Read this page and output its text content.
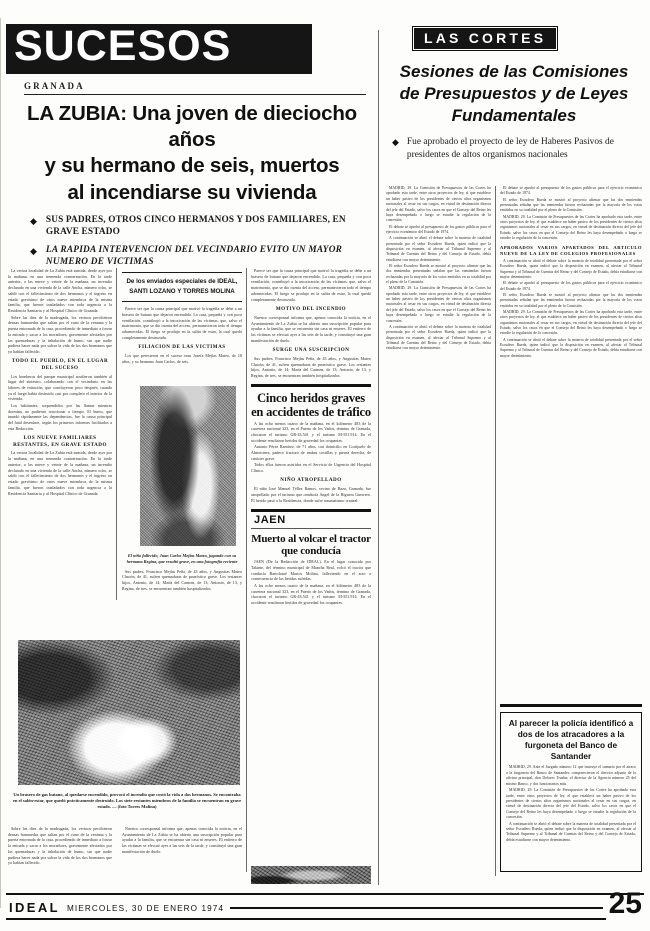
SUCESOS
GRANADA
LA ZUBIA: Una joven de dieciocho años
y su hermano de seis, muertos
al incendiarse su vivienda
◆ SUS PADRES, OTROS CINCO HERMANOS Y DOS FAMILIARES, EN GRAVE ESTADO
◆ LA RAPIDA INTERVENCION DEL VECINDARIO EVITO UN MAYOR NUMERO DE VICTIMAS
LAS CORTES
Sesiones de las Comisiones
de Presupuestos y de Leyes
Fundamentales
◆ Fue aprobado el proyecto de ley de Haberes Pasivos de presidentes de altos organismos nacionales

La vecina localidad de La Zubia está sumida, desde ayer por la mañana, en una tremenda consternación. En la tarde anterior, a las nueve y veinte de la mañana, un incendio declarado en una vivienda de la calle Ancha, número ocho, se saldó con el fallecimiento de dos hermanos y el ingreso en estado gravísimo de otros nueve miembros de la misma familia, que fueron trasladados con toda urgencia a la Residencia Sanitaria y al Hospital Clínico de Granada.

Sobre las diez de la madrugada, los vecinos percibieron densas humaredas que salían por el vano de la ventana y la puerta entornada de la casa, procediendo de inmediato a forzar la entrada y sacar a los moradores, gravemente afectados por las quemaduras y la inhalación de humo, sin que nadie pudiera hacer nada por salvar la vida de los dos hermanos que ya habían fallecido.

TODO EL PUEBLO, EN EL LUGAR DEL SUCESO

Los bomberos del parque municipal acudieron también al lugar del siniestro, colaborando con el vecindario en las labores de extinción, que concluyeron poco después, cuando ya el fuego había destruido casi por completo el interior de la vivienda.

Los habitantes, sorprendidos por las llamas mientras dormían, no pudieron reaccionar a tiempo. El humo, que inundó rápidamente las dependencias, fue la causa principal del fatal desenlace, según los primeros informes facilitados a esta Redacción.

LOS NUEVE FAMILIARES RESTANTES, EN GRAVE ESTADO

La vecina localidad de La Zubia está sumida, desde ayer por la mañana, en una tremenda consternación. En la tarde anterior, a las nueve y veinte de la mañana, un incendio declarado en una vivienda de la calle Ancha, número ocho, se saldó con el fallecimiento de dos hermanos y el ingreso en estado gravísimo de otros nueve miembros de la misma familia, que fueron trasladados con toda urgencia a la Residencia Sanitaria y al Hospital Clínico de Granada.

De los enviados especiales de IDEAL, SANTI LOZANO Y TORRES MOLINA

Parece ser que la causa principal que motivó la tragedia se debe a un brasero de butano que dejaron encendido. La casa, pequeña y con poca ventilación, contribuyó a la intoxicación de las víctimas, que, salvo el matrimonio, que se dio cuenta del acceso, permanecieron todo el tiempo adormecidas. El fuego se produjo en la salita de estar, la cual quedó completamente destrozada.

FILIACION DE LAS VICTIMAS

Los que perecieron en el suceso eran Josefa Mejías Mateo, de 18 años, y su hermano Juan Carlos, de seis.

El niño fallecido, Juan Carlos Mejías Mateo, jugando con su hermana Regina, que resultó grave, en una fotografía reciente

Sus padres, Francisco Mejías Peña, de 43 años, y Angustias Mateo Chacón, de 41, sufren quemaduras de pronóstico grave. Los restantes hijos, Antonio, de 14; María del Carmen, de 13; Antonio, de 13, y Regina, de tres, se encuentran también hospitalizados.

Un brasero de gas butano, al quedarse encendido, provocó el incendio que costó la vida a dos hermanos. Se encontraba en el salón-estar, que quedó prácticamente destruido. Los siete restantes miembros de la familia se encuentran en grave estado. — (foto Torres Molina)

Sobre las diez de la madrugada, los vecinos percibieron densas humaredas que salían por el vano de la ventana y la puerta entornada de la casa, procediendo de inmediato a forzar la entrada y sacar a los moradores, gravemente afectados por las quemaduras y la inhalación de humo, sin que nadie pudiera hacer nada por salvar la vida de los dos hermanos que ya habían fallecido.

Nuestro corresponsal informa que, apenas conocida la noticia, en el Ayuntamiento de La Zubia se ha abierto una suscripción popular para ayudar a la familia, que se encuentra sin casa ni enseres. El entierro de las víctimas se efectuó ayer a las seis de la tarde, y constituyó una gran manifestación de duelo.

Parece ser que la causa principal que motivó la tragedia se debe a un brasero de butano que dejaron encendido. La casa, pequeña y con poca ventilación, contribuyó a la intoxicación de las víctimas, que, salvo el matrimonio, que se dio cuenta del acceso, permanecieron todo el tiempo adormecidas. El fuego se produjo en la salita de estar, la cual quedó completamente destrozada.

MOTIVO DEL INCENDIO

Nuestro corresponsal informa que, apenas conocida la noticia, en el Ayuntamiento de La Zubia se ha abierto una suscripción popular para ayudar a la familia, que se encuentra sin casa ni enseres. El entierro de las víctimas se efectuó ayer a las seis de la tarde, y constituyó una gran manifestación de duelo.

SURGE UNA SUSCRIPCION

Sus padres, Francisco Mejías Peña, de 43 años, y Angustias Mateo Chacón, de 41, sufren quemaduras de pronóstico grave. Los restantes hijos, Antonio, de 14; María del Carmen, de 13; Antonio, de 13, y Regina, de tres, se encuentran también hospitalizados.

Cinco heridos graves en accidentes de tráfico

A las ocho menos cuarto de la mañana, en el kilómetro 483 de la carretera nacional 323, en el Puerto de los Vados, término de Granada, chocaron el turismo GR-43.541 y el turismo M-551.914. En el accidente resultaron heridos de gravedad los ocupantes.

Antonio Pérez Ramírez, de 71 años, con domicilio en Cortijuelo de Almotrines, padece fractura de ambas costillas y pierna derecha, de carácter grave.

Todos ellos fueron asistidos en el Servicio de Urgencia del Hospital Clínico.

NIÑO ATROPELLADO

El niño José Manuel Téllez Ramos, vecino de Baza, Granada, fue atropellado por el turismo que conducía Angel de la Higuera Guerrero. El herido pasó a la Residencia, donde sufre traumatismo craneal.

JAEN
Muerto al volcar el tractor que conducía

JAEN (De la Redacción de IDEAL). En el lugar conocido por Talante, del término municipal de Mancha Real, volcó el tractor que conducía Bartolomé Martos Molina, falleciendo en el acto a consecuencia de las heridas sufridas.

A las ocho menos cuarto de la mañana, en el kilómetro 483 de la carretera nacional 323, en el Puerto de los Vados, término de Granada, chocaron el turismo GR-43.541 y el turismo M-551.914. En el accidente resultaron heridos de gravedad los ocupantes.

MADRID, 29. La Comisión de Presupuestos de las Cortes ha aprobado esta tarde, entre otros proyectos de ley, el que establece un haber pasivo de los presidentes de ciertos altos organismos nacionales al cesar en sus cargos, en virtud de destinación directa del jefe del Estado, salvo los casos en que el Consejo del Reino les haya desempeñado o luego se estudie la regulación de la concesión.

El debate se aprobó al presupuesto de los gastos públicos para el ejercicio económico del Estado de 1974.

A continuación se abrió el debate sobre la materia de totalidad presentada por el señor Escudero Rueda, quien indicó que la disposición en examen, al afectar al Tribunal Supremo y al Tribunal de Cuentas del Reino y del Consejo de Estado, debía estudiarse con mayor detenimiento.

El señor Escudero Rueda se mostró al proyecto afirmar que las dos enmiendas presentadas señalan que las enmiendas fueron rechazadas por la mayoría de los votos emitidos en su totalidad por el pleno de la Comisión.

MADRID, 29. La Comisión de Presupuestos de las Cortes ha aprobado esta tarde, entre otros proyectos de ley, el que establece un haber pasivo de los presidentes de ciertos altos organismos nacionales al cesar en sus cargos, en virtud de destinación directa del jefe del Estado, salvo los casos en que el Consejo del Reino les haya desempeñado o luego se estudie la regulación de la concesión.

A continuación se abrió el debate sobre la materia de totalidad presentada por el señor Escudero Rueda, quien indicó que la disposición en examen, al afectar al Tribunal Supremo y al Tribunal de Cuentas del Reino y del Consejo de Estado, debía estudiarse con mayor detenimiento.

El debate se aprobó al presupuesto de los gastos públicos para el ejercicio económico del Estado de 1974.

El señor Escudero Rueda se mostró al proyecto afirmar que las dos enmiendas presentadas señalan que las enmiendas fueron rechazadas por la mayoría de los votos emitidos en su totalidad por el pleno de la Comisión.

MADRID, 29. La Comisión de Presupuestos de las Cortes ha aprobado esta tarde, entre otros proyectos de ley, el que establece un haber pasivo de los presidentes de ciertos altos organismos nacionales al cesar en sus cargos, en virtud de destinación directa del jefe del Estado, salvo los casos en que el Consejo del Reino les haya desempeñado o luego se estudie la regulación de la concesión.

APROBADOS VARIOS APARTADOS DEL ARTICULO NUEVE DE LA LEY DE COLEGIOS PROFESIONALES

A continuación se abrió el debate sobre la materia de totalidad presentada por el señor Escudero Rueda, quien indicó que la disposición en examen, al afectar al Tribunal Supremo y al Tribunal de Cuentas del Reino y del Consejo de Estado, debía estudiarse con mayor detenimiento.

El debate se aprobó al presupuesto de los gastos públicos para el ejercicio económico del Estado de 1974.

El señor Escudero Rueda se mostró al proyecto afirmar que las dos enmiendas presentadas señalan que las enmiendas fueron rechazadas por la mayoría de los votos emitidos en su totalidad por el pleno de la Comisión.

MADRID, 29. La Comisión de Presupuestos de las Cortes ha aprobado esta tarde, entre otros proyectos de ley, el que establece un haber pasivo de los presidentes de ciertos altos organismos nacionales al cesar en sus cargos, en virtud de destinación directa del jefe del Estado, salvo los casos en que el Consejo del Reino les haya desempeñado o luego se estudie la regulación de la concesión.

A continuación se abrió el debate sobre la materia de totalidad presentada por el señor Escudero Rueda, quien indicó que la disposición en examen, al afectar al Tribunal Supremo y al Tribunal de Cuentas del Reino y del Consejo de Estado, debía estudiarse con mayor detenimiento.

Al parecer la policía identificó a dos de los atracadores a la furgoneta del Banco de Santander

MADRID, 29. Ante el Juzgado número 12 que instruye el sumario por el atraco a la furgoneta del Banco de Santander, comparecieron el director adjunto de la oficina principal, don Dolores Trueba; el director de la Agencia número 25 del mismo Banco, y dos funcionarios más.

MADRID, 29. La Comisión de Presupuestos de las Cortes ha aprobado esta tarde, entre otros proyectos de ley, el que establece un haber pasivo de los presidentes de ciertos altos organismos nacionales al cesar en sus cargos, en virtud de destinación directa del jefe del Estado, salvo los casos en que el Consejo del Reino les haya desempeñado o luego se estudie la regulación de la concesión.

A continuación se abrió el debate sobre la materia de totalidad presentada por el señor Escudero Rueda, quien indicó que la disposición en examen, al afectar al Tribunal Supremo y al Tribunal de Cuentas del Reino y del Consejo de Estado, debía estudiarse con mayor detenimiento.

IDEAL MIERCOLES, 30 DE ENERO 1974	25
